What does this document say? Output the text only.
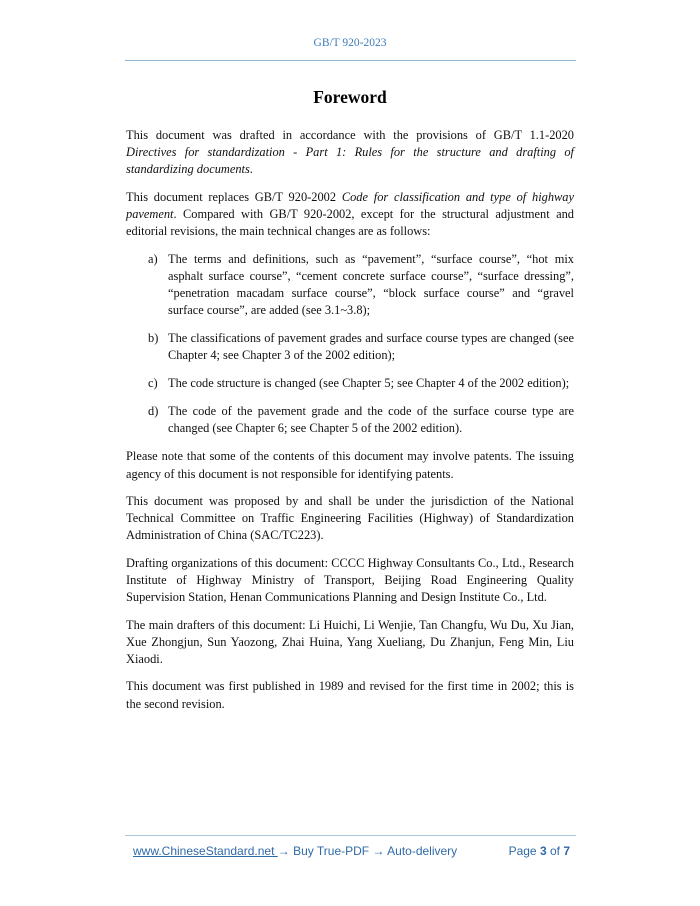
GB/T 920-2023
Foreword

This document was drafted in accordance with the provisions of GB/T 1.1-2020 Directives for standardization - Part 1: Rules for the structure and drafting of standardizing documents.

This document replaces GB/T 920-2002 Code for classification and type of highway pavement. Compared with GB/T 920-2002, except for the structural adjustment and editorial revisions, the main technical changes are as follows:

a) The terms and definitions, such as “pavement”, “surface course”, “hot mix asphalt surface course”, “cement concrete surface course”, “surface dressing”, “penetration macadam surface course”, “block surface course” and “gravel surface course”, are added (see 3.1~3.8);
b) The classifications of pavement grades and surface course types are changed (see Chapter 4; see Chapter 3 of the 2002 edition);
c) The code structure is changed (see Chapter 5; see Chapter 4 of the 2002 edition);
d) The code of the pavement grade and the code of the surface course type are changed (see Chapter 6; see Chapter 5 of the 2002 edition).

Please note that some of the contents of this document may involve patents. The issuing agency of this document is not responsible for identifying patents.

This document was proposed by and shall be under the jurisdiction of the National Technical Committee on Traffic Engineering Facilities (Highway) of Standardization Administration of China (SAC/TC223).

Drafting organizations of this document: CCCC Highway Consultants Co., Ltd., Research Institute of Highway Ministry of Transport, Beijing Road Engineering Quality Supervision Station, Henan Communications Planning and Design Institute Co., Ltd.

The main drafters of this document: Li Huichi, Li Wenjie, Tan Changfu, Wu Du, Xu Jian, Xue Zhongjun, Sun Yaozong, Zhai Huina, Yang Xueliang, Du Zhanjun, Feng Min, Liu Xiaodi.

This document was first published in 1989 and revised for the first time in 2002; this is the second revision.

www.ChineseStandard.net → Buy True-PDF → Auto-delivery	Page 3 of 7
